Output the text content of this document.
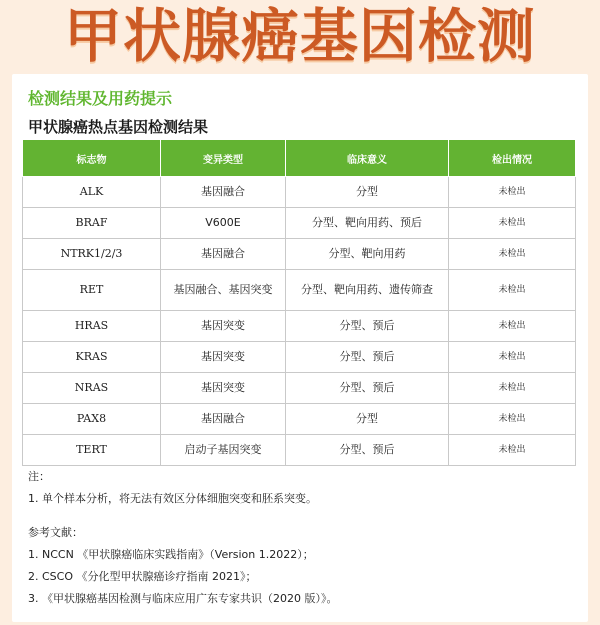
甲状腺癌基因检测
检测结果及用药提示
甲状腺癌热点基因检测结果
标志物	变异类型	临床意义	检出情况
ALK	基因融合	分型	未检出
BRAF	V600E	分型、靶向用药、预后	未检出
NTRK1/2/3	基因融合	分型、靶向用药	未检出
RET	基因融合、基因突变	分型、靶向用药、遗传筛查	未检出
HRAS	基因突变	分型、预后	未检出
KRAS	基因突变	分型、预后	未检出
NRAS	基因突变	分型、预后	未检出
PAX8	基因融合	分型	未检出
TERT	启动子基因突变	分型、预后	未检出

注：

1. 单个样本分析，将无法有效区分体细胞突变和胚系突变。

参考文献：

1. NCCN 《甲状腺癌临床实践指南》（Version 1.2022）；

2. CSCO 《分化型甲状腺癌诊疗指南 2021》；

3. 《甲状腺癌基因检测与临床应用广东专家共识（2020 版）》。
